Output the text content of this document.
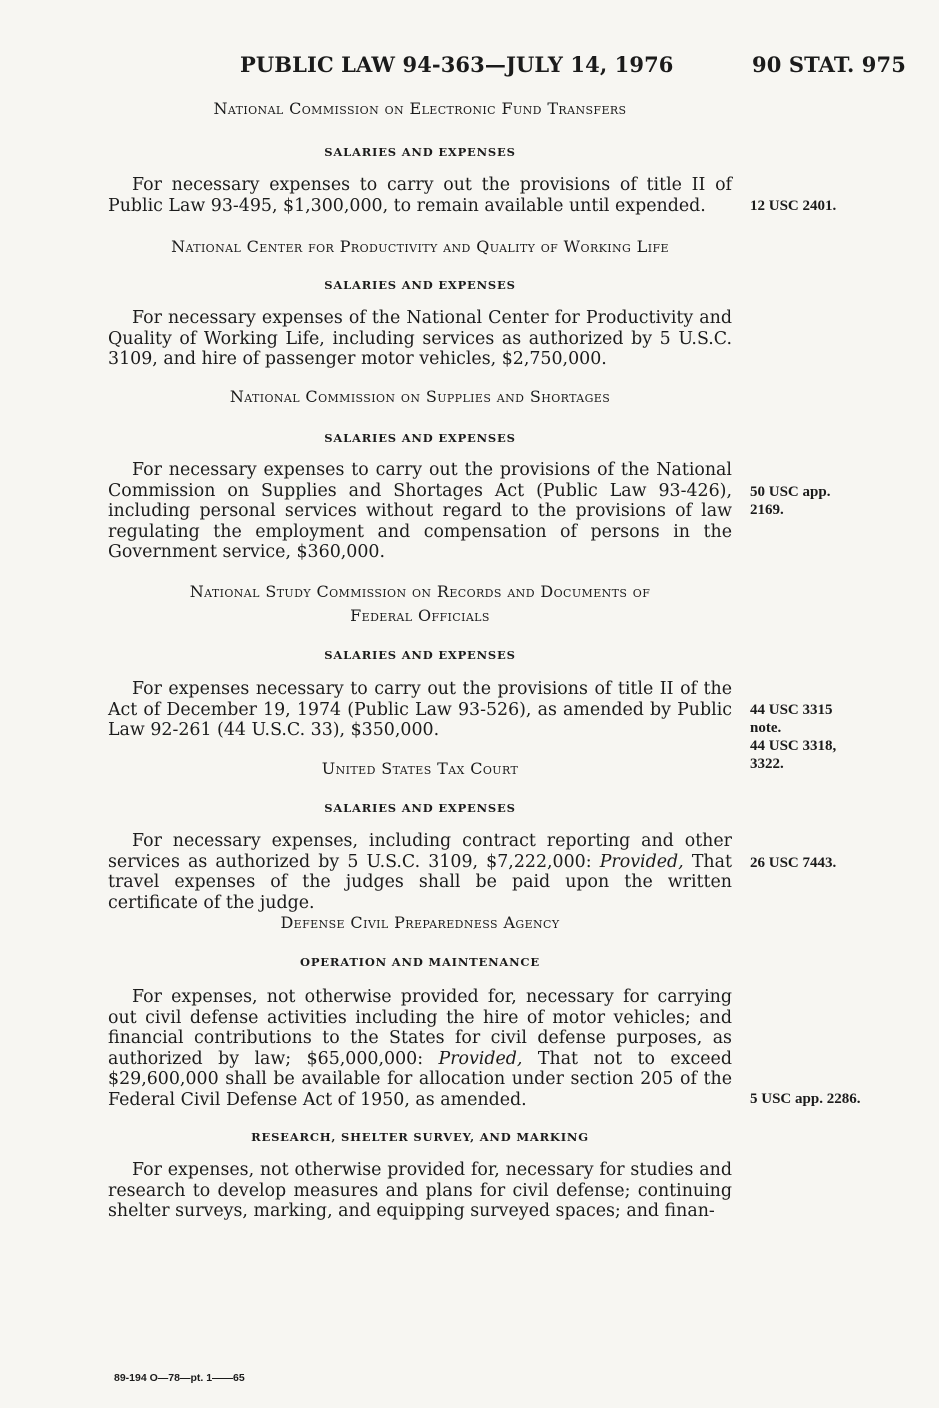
PUBLIC LAW 94-363—JULY 14, 1976	90 STAT. 975
National Commission on Electronic Fund Transfers
SALARIES AND EXPENSES

For necessary expenses to carry out the provisions of title II of Public Law 93-495, $1,300,000, to remain available until expended.	12 USC 2401.
National Center for Productivity and Quality of Working Life
SALARIES AND EXPENSES

For necessary expenses of the National Center for Productivity and Quality of Working Life, including services as authorized by 5 U.S.C. 3109, and hire of passenger motor vehicles, $2,750,000.

National Commission on Supplies and Shortages
SALARIES AND EXPENSES

For necessary expenses to carry out the provisions of the National Commission on Supplies and Shortages Act (Public Law 93-426), including personal services without regard to the provisions of law regulating the employment and compensation of persons in the Government service, $360,000.

50 USC app.
2169.
National Study Commission on Records and Documents of
Federal Officials
SALARIES AND EXPENSES

For expenses necessary to carry out the provisions of title II of the Act of December 19, 1974 (Public Law 93-526), as amended by Public Law 92-261 (44 U.S.C. 33), $350,000.

44 USC 3315
note.
44 USC 3318,
3322.
United States Tax Court
SALARIES AND EXPENSES

For necessary expenses, including contract reporting and other services as authorized by 5 U.S.C. 3109, $7,222,000: Provided, That travel expenses of the judges shall be paid upon the written certificate of the judge.

26 USC 7443.
Defense Civil Preparedness Agency
OPERATION AND MAINTENANCE

For expenses, not otherwise provided for, necessary for carrying out civil defense activities including the hire of motor vehicles; and financial contributions to the States for civil defense purposes, as authorized by law; $65,000,000: Provided, That not to exceed $29,600,000 shall be available for allocation under section 205 of the Federal Civil Defense Act of 1950, as amended.	5 USC app. 2286.
RESEARCH, SHELTER SURVEY, AND MARKING

For expenses, not otherwise provided for, necessary for studies and research to develop measures and plans for civil defense; continuing shelter surveys, marking, and equipping surveyed spaces; and finan-

89-194 O—78—pt. 1——65
